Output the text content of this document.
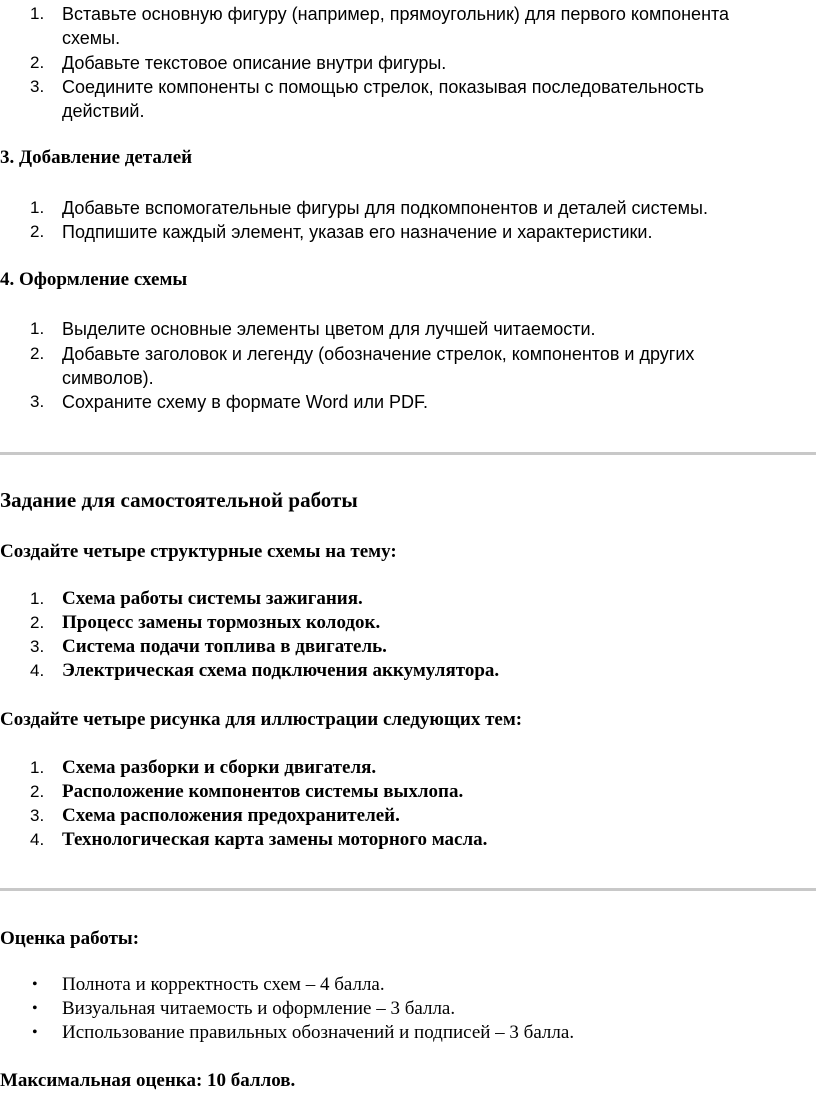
1. Вставьте основную фигуру (например, прямоугольник) для первого компонента схемы.
2. Добавьте текстовое описание внутри фигуры.
3. Соедините компоненты с помощью стрелок, показывая последовательность действий.
3. Добавление деталей
1. Добавьте вспомогательные фигуры для подкомпонентов и деталей системы.
2. Подпишите каждый элемент, указав его назначение и характеристики.
4. Оформление схемы
1. Выделите основные элементы цветом для лучшей читаемости.
2. Добавьте заголовок и легенду (обозначение стрелок, компонентов и других символов).
3. Сохраните схему в формате Word или PDF.
Задание для самостоятельной работы
Создайте четыре структурные схемы на тему:
1. Схема работы системы зажигания.
2. Процесс замены тормозных колодок.
3. Система подачи топлива в двигатель.
4. Электрическая схема подключения аккумулятора.
Создайте четыре рисунка для иллюстрации следующих тем:
1. Схема разборки и сборки двигателя.
2. Расположение компонентов системы выхлопа.
3. Схема расположения предохранителей.
4. Технологическая карта замены моторного масла.
Оценка работы:
• Полнота и корректность схем – 4 балла.
• Визуальная читаемость и оформление – 3 балла.
• Использование правильных обозначений и подписей – 3 балла.
Максимальная оценка: 10 баллов.
